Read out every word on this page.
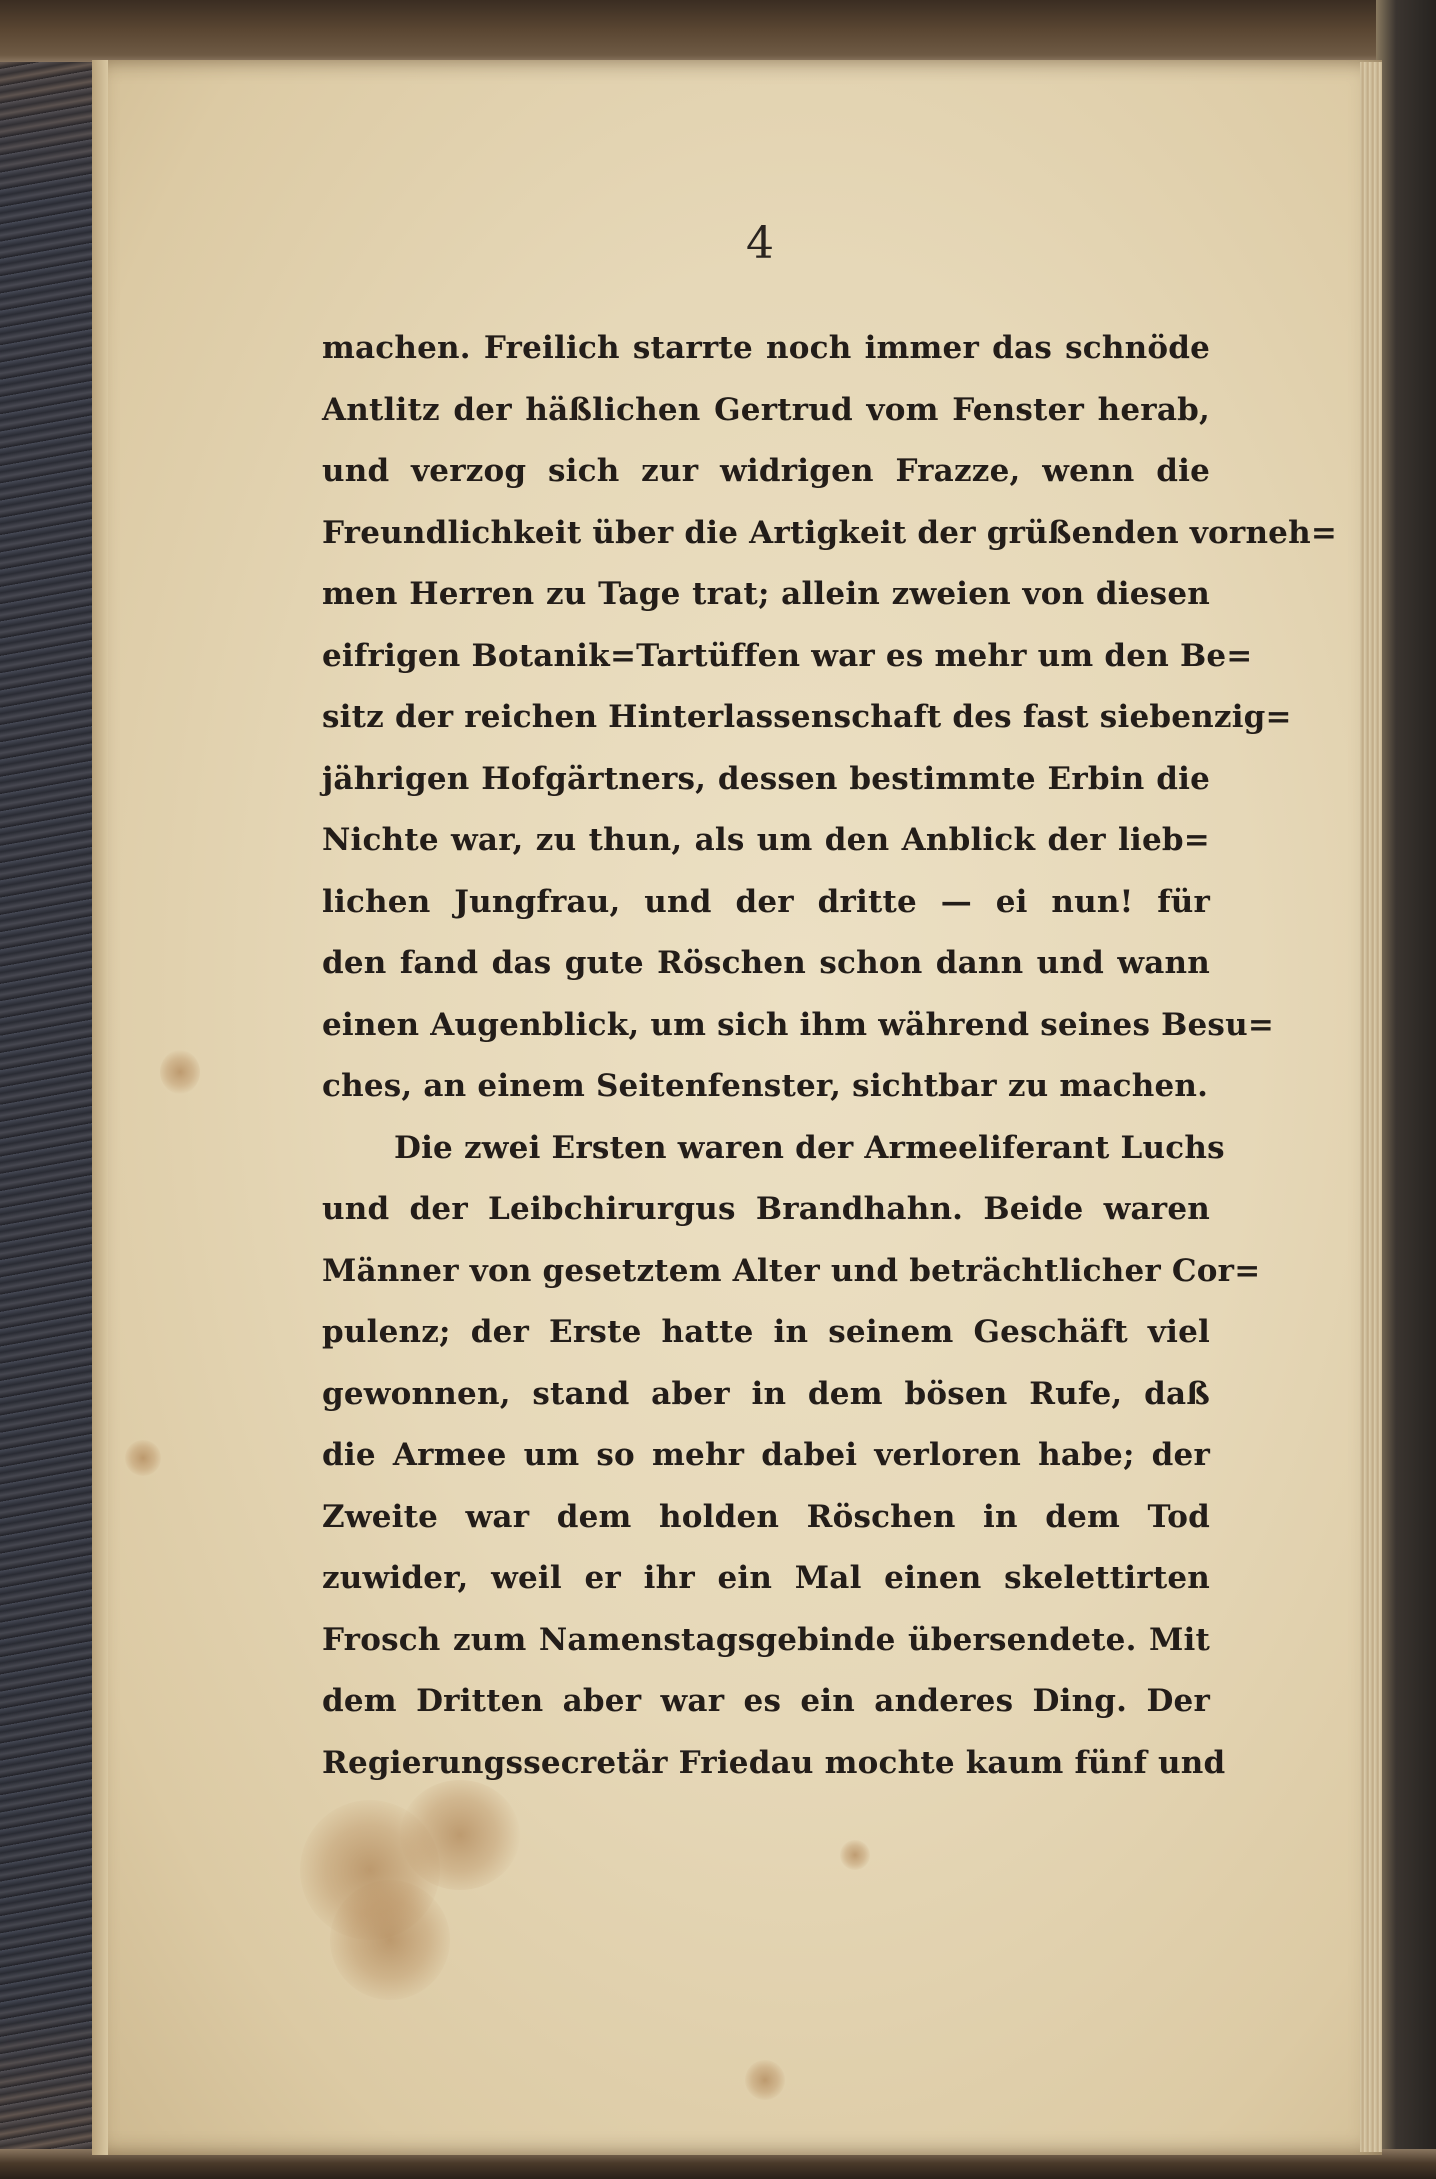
4
machen. Freilich starrte noch immer das schnöde
Antlitz der häßlichen Gertrud vom Fenster herab,
und verzog sich zur widrigen Frazze, wenn die
Freundlichkeit über die Artigkeit der grüßenden vorneh=
men Herren zu Tage trat; allein zweien von diesen
eifrigen Botanik=Tartüffen war es mehr um den Be=
sitz der reichen Hinterlassenschaft des fast siebenzig=
jährigen Hofgärtners, dessen bestimmte Erbin die
Nichte war, zu thun, als um den Anblick der lieb=
lichen Jungfrau, und der dritte — ei nun! für
den fand das gute Röschen schon dann und wann
einen Augenblick, um sich ihm während seines Besu=
ches, an einem Seitenfenster, sichtbar zu machen.
Die zwei Ersten waren der Armeeliferant Luchs
und der Leibchirurgus Brandhahn. Beide waren
Männer von gesetztem Alter und beträchtlicher Cor=
pulenz; der Erste hatte in seinem Geschäft viel
gewonnen, stand aber in dem bösen Rufe, daß
die Armee um so mehr dabei verloren habe; der
Zweite war dem holden Röschen in dem Tod
zuwider, weil er ihr ein Mal einen skelettirten
Frosch zum Namenstagsgebinde übersendete. Mit
dem Dritten aber war es ein anderes Ding. Der
Regierungssecretär Friedau mochte kaum fünf und
